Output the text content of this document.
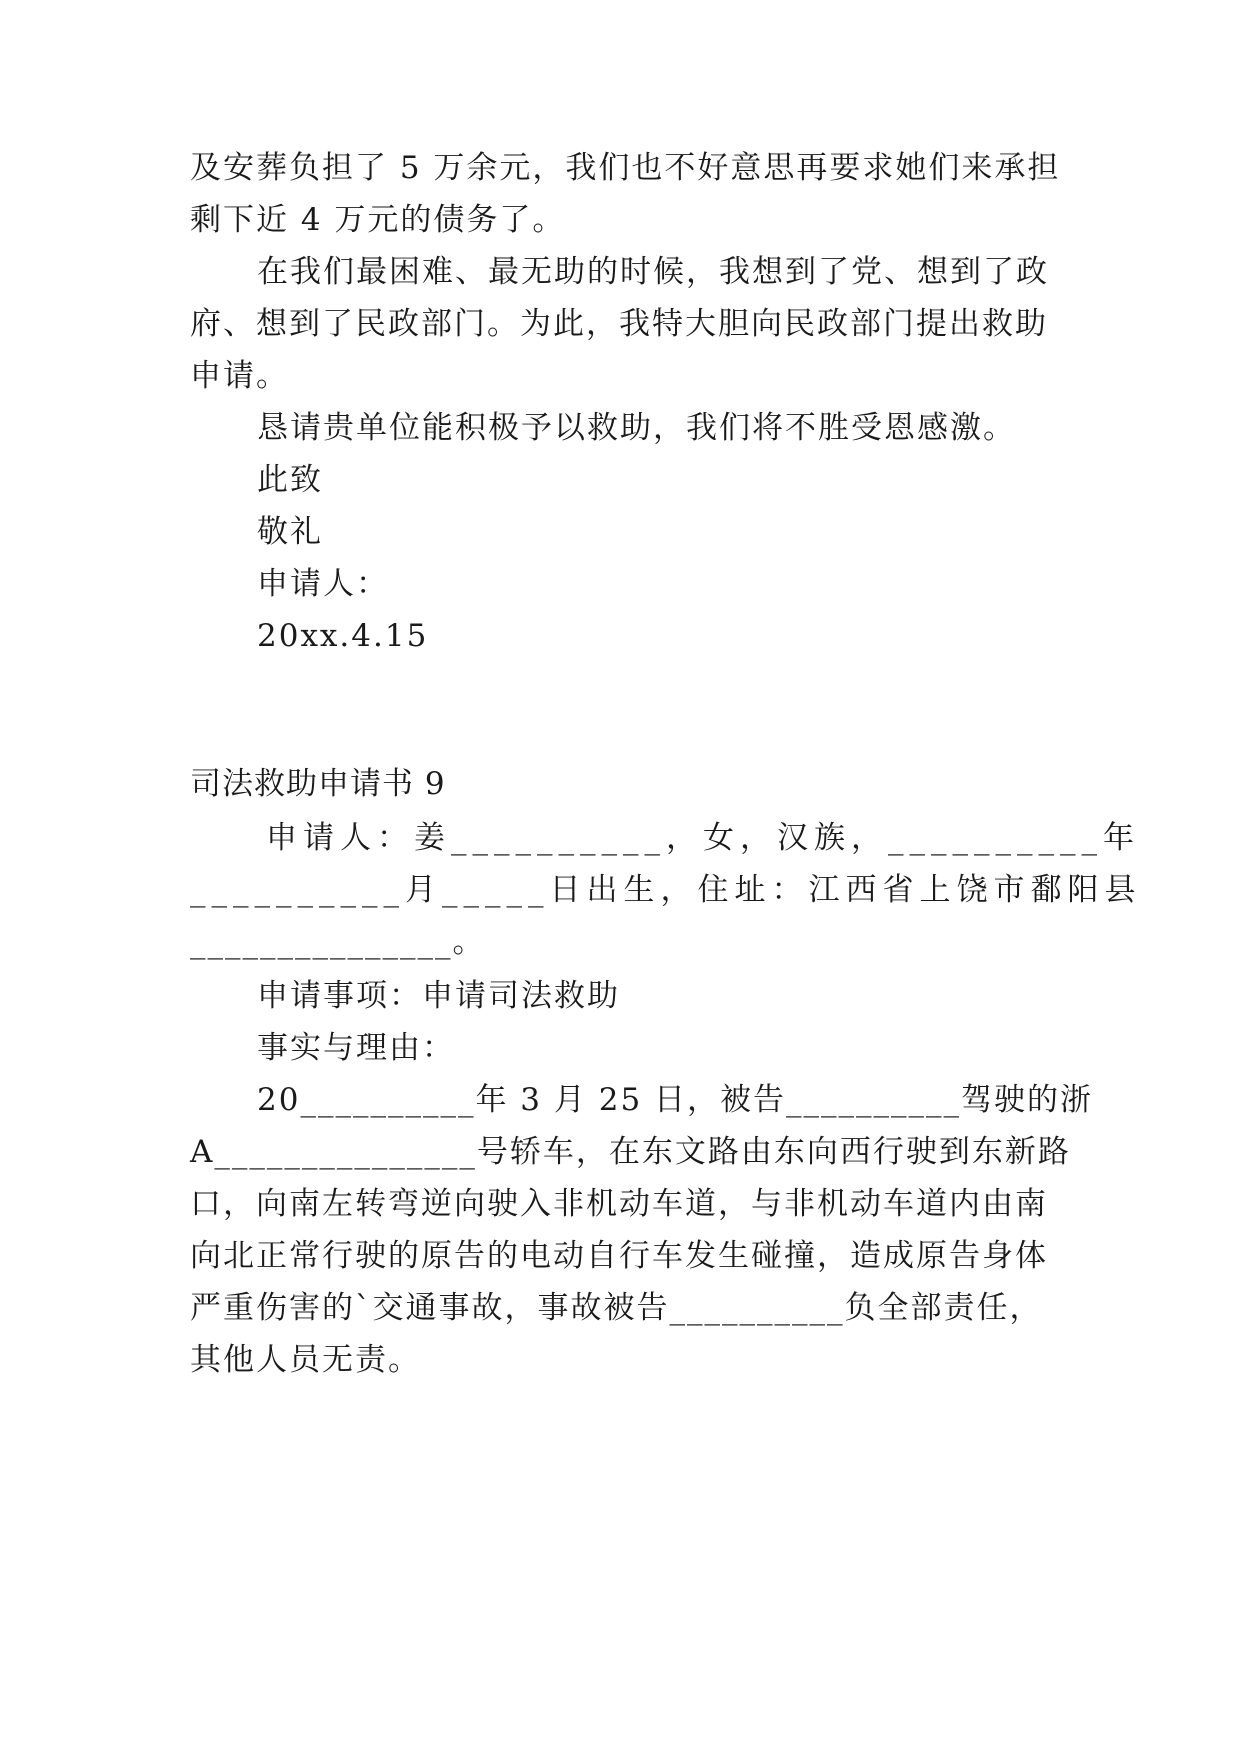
及安葬负担了 5 万余元，我们也不好意思再要求她们来承担
剩下近 4 万元的债务了。
在我们最困难、最无助的时候，我想到了党、想到了政
府、想到了民政部门。为此，我特大胆向民政部门提出救助
申请。
恳请贵单位能积极予以救助，我们将不胜受恩感激。
此致
敬礼
申请人：
20xx.4.15
司法救助申请书 9
申请人：姜__________，女，汉族，__________年
__________月_____日出生，住址：江西省上饶市鄱阳县
_______________。
申请事项：申请司法救助
事实与理由：
20__________年 3 月 25 日，被告__________驾驶的浙
A_______________号轿车，在东文路由东向西行驶到东新路
口，向南左转弯逆向驶入非机动车道，与非机动车道内由南
向北正常行驶的原告的电动自行车发生碰撞，造成原告身体
严重伤害的`交通事故，事故被告__________负全部责任，
其他人员无责。
